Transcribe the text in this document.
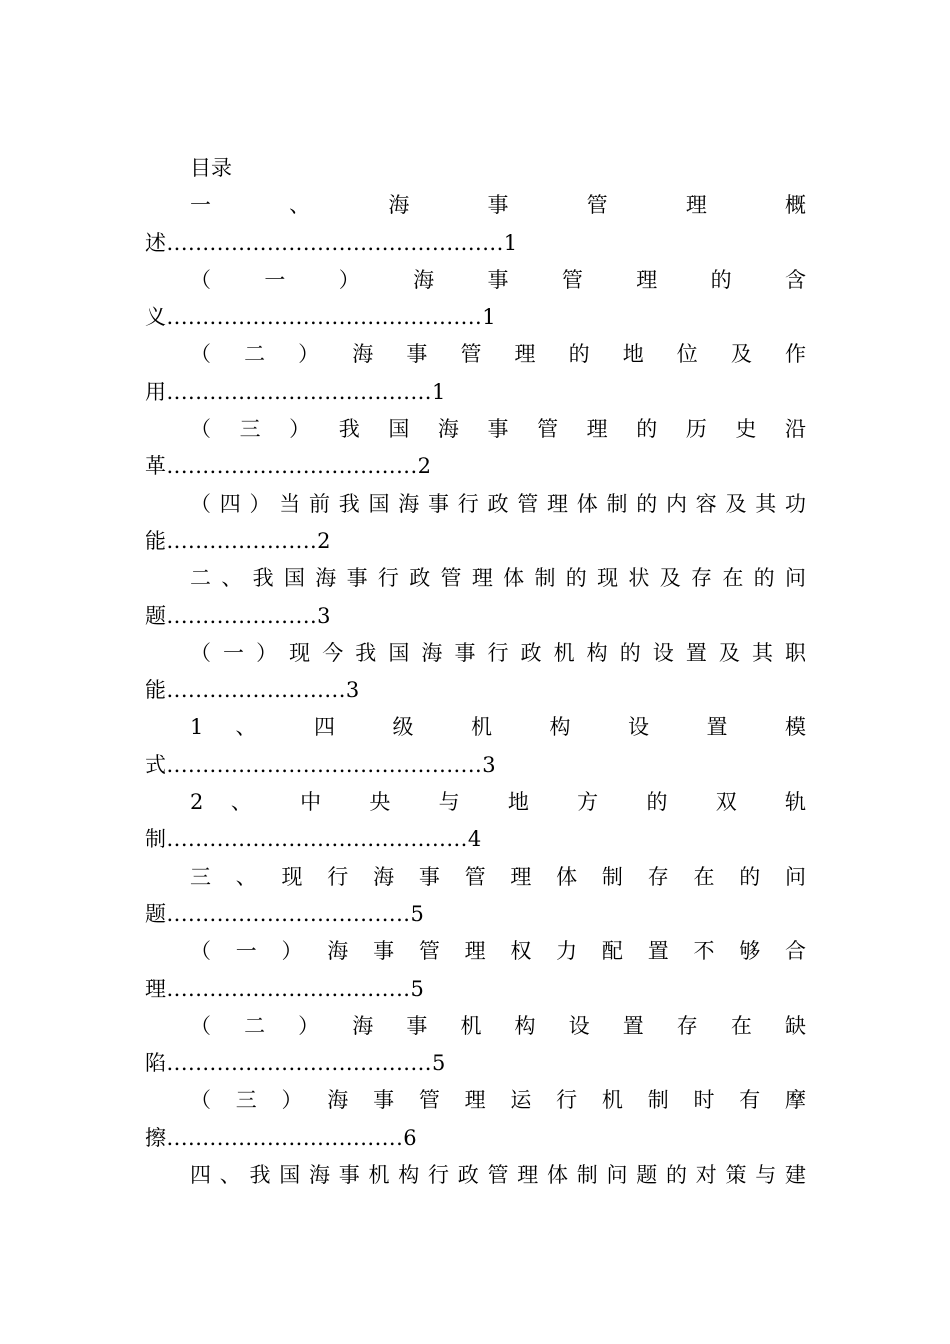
目录
一 、 海 事 管 理 概
述...............................................1
（ 一 ） 海 事 管 理 的 含
义............................................1
（ 二 ） 海 事 管 理 的 地 位 及 作
用.....................................1
（ 三 ） 我 国 海 事 管 理 的 历 史 沿
革...................................2
（ 四 ） 当 前 我 国 海 事 行 政 管 理 体 制 的 内 容 及 其 功
能.....................2
二 、 我 国 海 事 行 政 管 理 体 制 的 现 状 及 存 在 的 问
题.....................3
（ 一 ） 现 今 我 国 海 事 行 政 机 构 的 设 置 及 其 职
能.........................3
1 、 四 级 机 构 设 置 模
式............................................3
2 、 中 央 与 地 方 的 双 轨
制..........................................4
三 、 现 行 海 事 管 理 体 制 存 在 的 问
题..................................5
（ 一 ） 海 事 管 理 权 力 配 置 不 够 合
理..................................5
（ 二 ） 海 事 机 构 设 置 存 在 缺
陷.....................................5
（ 三 ） 海 事 管 理 运 行 机 制 时 有 摩
擦.................................6
四 、 我 国 海 事 机 构 行 政 管 理 体 制 问 题 的 对 策 与 建
